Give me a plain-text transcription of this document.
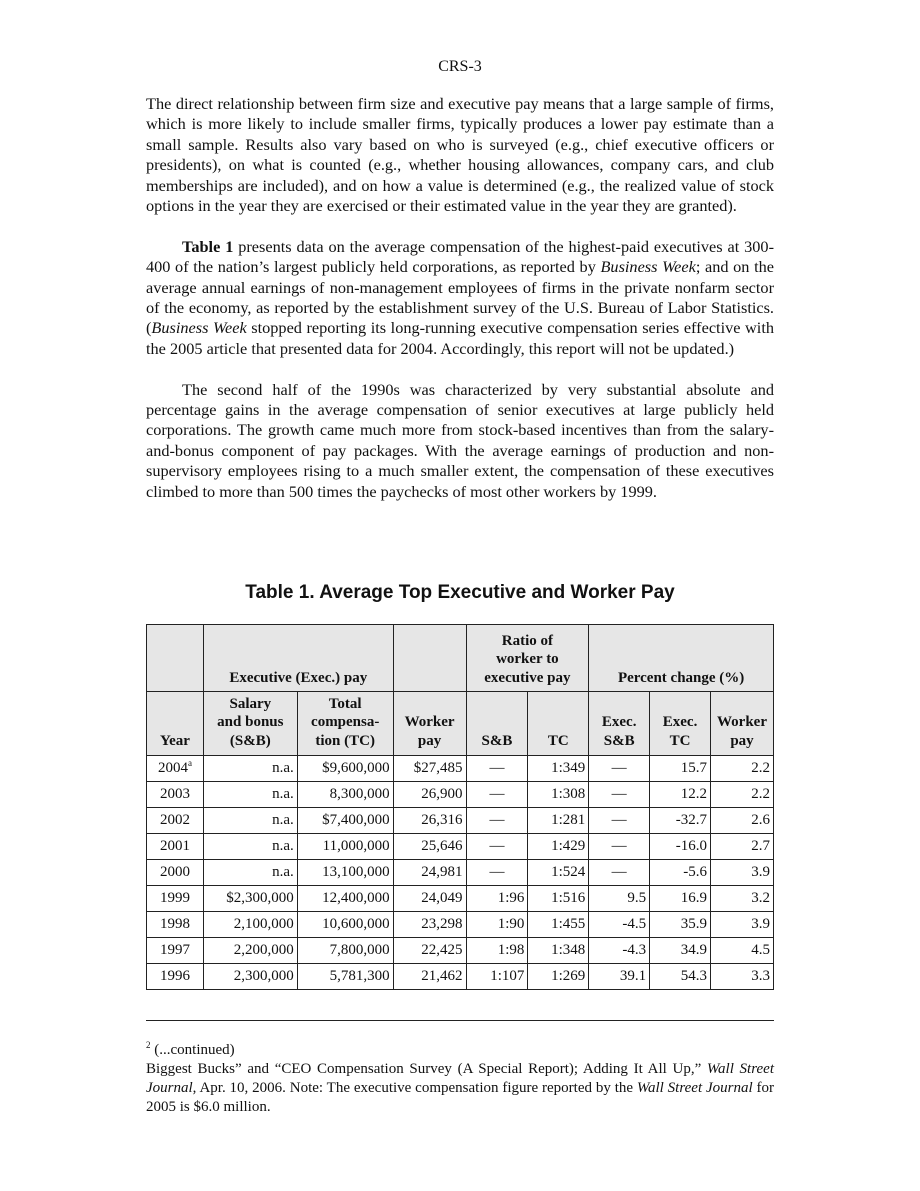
CRS-3

The direct relationship between firm size and executive pay means that a large sample of firms, which is more likely to include smaller firms, typically produces a lower pay estimate than a small sample. Results also vary based on who is surveyed (e.g., chief executive officers or presidents), on what is counted (e.g., whether housing allowances, company cars, and club memberships are included), and on how a value is determined (e.g., the realized value of stock options in the year they are exercised or their estimated value in the year they are granted).

Table 1 presents data on the average compensation of the highest-paid executives at 300-400 of the nation’s largest publicly held corporations, as reported by Business Week; and on the average annual earnings of non-management employees of firms in the private nonfarm sector of the economy, as reported by the establishment survey of the U.S. Bureau of Labor Statistics. (Business Week stopped reporting its long-running executive compensation series effective with the 2005 article that presented data for 2004. Accordingly, this report will not be updated.)

The second half of the 1990s was characterized by very substantial absolute and percentage gains in the average compensation of senior executives at large publicly held corporations. The growth came much more from stock-based incentives than from the salary-and-bonus component of pay packages. With the average earnings of production and non-supervisory employees rising to a much smaller extent, the compensation of these executives climbed to more than 500 times the paychecks of most other workers by 1999.

Table 1. Average Top Executive and Worker Pay
	Executive (Exec.) pay			Ratio of
worker to
executive pay		Percent change (%)		
Year	Salary
and bonus
(S&B)	Total
compensa-
tion (TC)	Worker
pay	S&B	TC	Exec.
S&B	Exec.
TC	Worker
pay
2004$^a$	n.a.	$9,600,000	$27,485	—	1:349	—	15.7	2.2
2003	n.a.	8,300,000	26,900	—	1:308	—	12.2	2.2
2002	n.a.	$7,400,000	26,316	—	1:281	—	-32.7	2.6
2001	n.a.	11,000,000	25,646	—	1:429	—	-16.0	2.7
2000	n.a.	13,100,000	24,981	—	1:524	—	-5.6	3.9
1999	$2,300,000	12,400,000	24,049	1:96	1:516	9.5	16.9	3.2
1998	2,100,000	10,600,000	23,298	1:90	1:455	-4.5	35.9	3.9
1997	2,200,000	7,800,000	22,425	1:98	1:348	-4.3	34.9	4.5
1996	2,300,000	5,781,300	21,462	1:107	1:269	39.1	54.3	3.3

$^2$ (...continued)

Biggest Bucks” and “CEO Compensation Survey (A Special Report); Adding It All Up,” Wall Street Journal, Apr. 10, 2006. Note: The executive compensation figure reported by the Wall Street Journal for 2005 is $6.0 million.
